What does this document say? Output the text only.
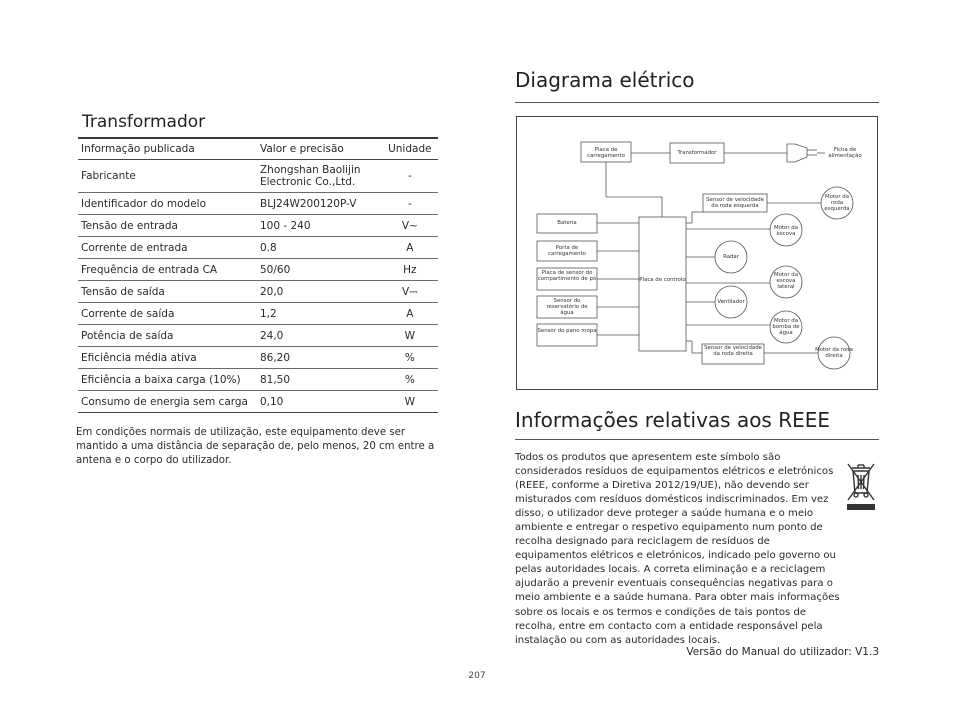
Transformador
Informação publicada	Valor e precisão	Unidade
Fabricante	Zhongshan Baolijin Electronic Co.,Ltd.	-
Identificador do modelo	BLJ24W200120P-V	-
Tensão de entrada	100 - 240	V~
Corrente de entrada	0.8	A
Frequência de entrada CA	50/60	Hz
Tensão de saída	20,0	V⎓
Corrente de saída	1,2	A
Potência de saída	24,0	W
Eficiência média ativa	86,20	%
Eficiência a baixa carga (10%)	81,50	%
Consumo de energia sem carga	0,10	W
Em condições normais de utilização, este equipamento deve ser mantido a uma distância de separação de, pelo menos, 20 cm entre a antena e o corpo do utilizador.
Diagrama elétrico
Placa de carregamento
Transformador	Ficha de alimentação
Bateria
Porta de carregamento
Placa de sensor do compartimento de pó
Sensor do reservatório de água
Sensor do pano mopa
Placa de controlo
Sensor de velocidade da roda esquerda
Sensor de velocidade da roda direita
Radar
Ventilador
Motor da escova
Motor da escova lateral
Motor da bomba de água
Motor da roda esquerda
Motor da roda direita
Informações relativas aos REEE
Todos os produtos que apresentem este símbolo são considerados resíduos de equipamentos elétricos e eletrónicos (REEE, conforme a Diretiva 2012/19/UE), não devendo ser misturados com resíduos domésticos indiscriminados. Em vez disso, o utilizador deve proteger a saúde humana e o meio ambiente e entregar o respetivo equipamento num ponto de recolha designado para reciclagem de resíduos de equipamentos elétricos e eletrónicos, indicado pelo governo ou pelas autoridades locais. A correta eliminação e a reciclagem ajudarão a prevenir eventuais consequências negativas para o meio ambiente e a saúde humana. Para obter mais informações sobre os locais e os termos e condições de tais pontos de recolha, entre em contacto com a entidade responsável pela instalação ou com as autoridades locais.
Versão do Manual do utilizador: V1.3
207
